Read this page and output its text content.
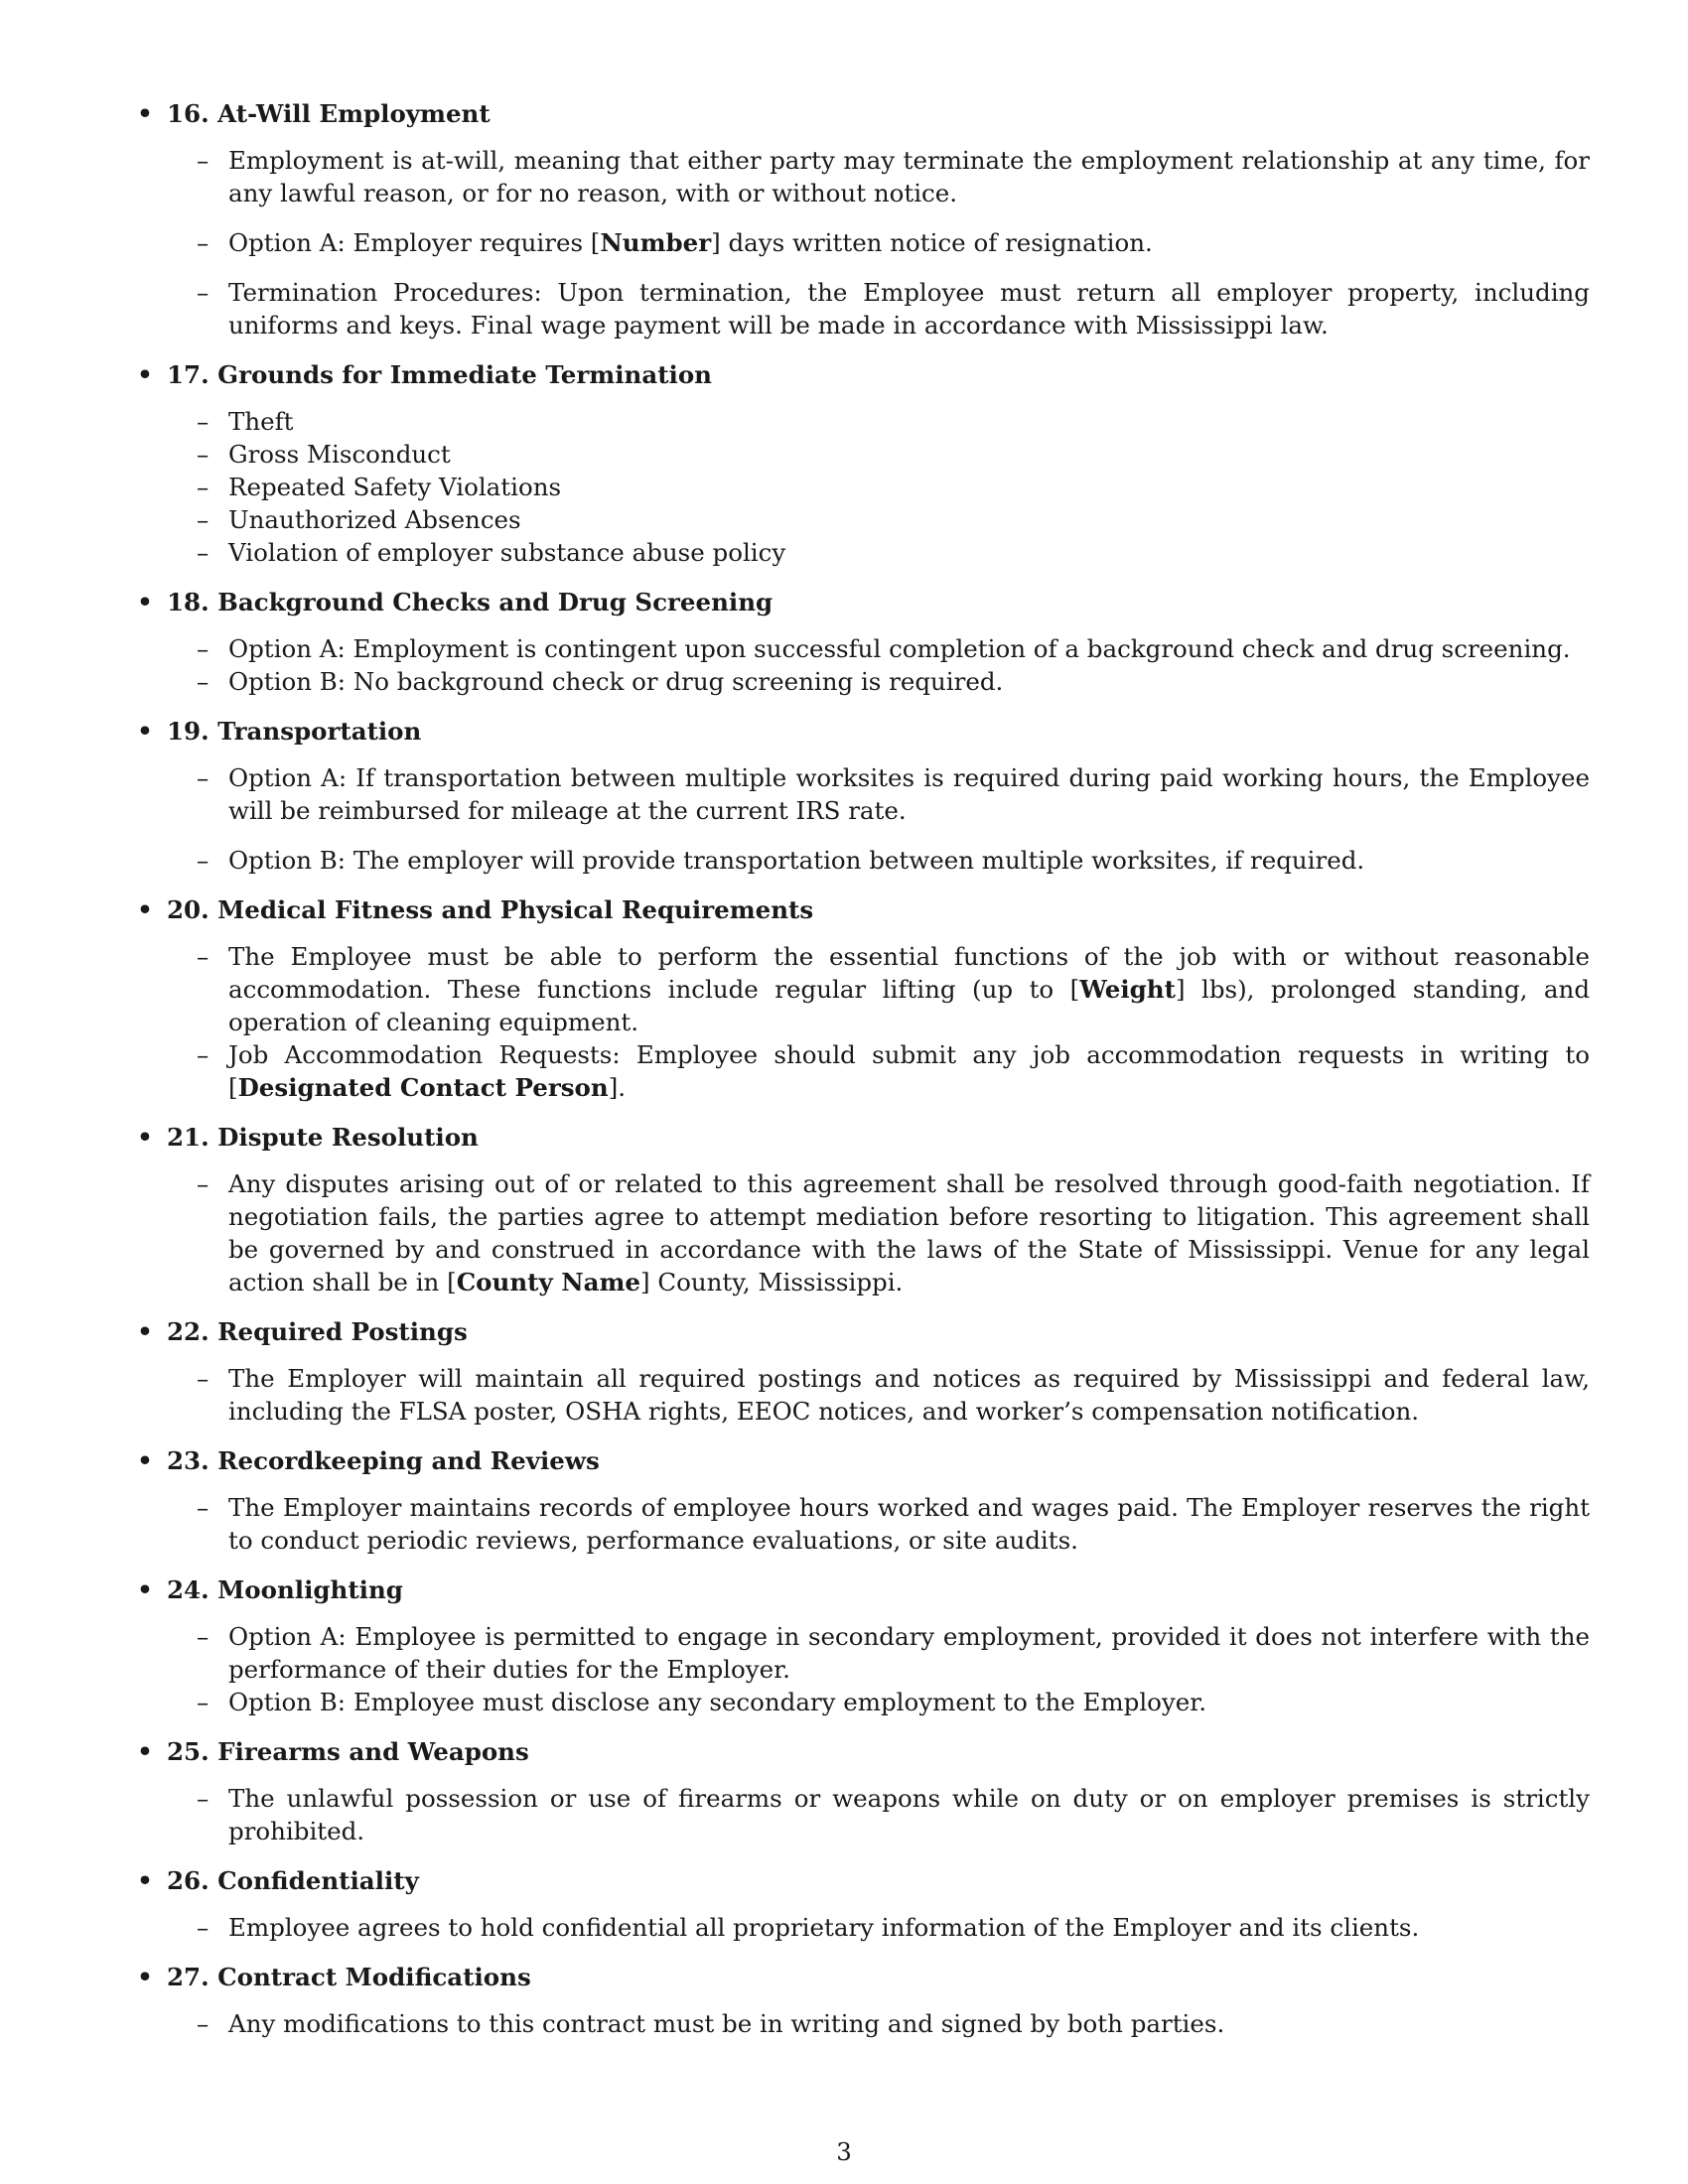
• 16. At-Will Employment
– Employment is at-will, meaning that either party may terminate the employment relationship at any time, for any lawful reason, or for no reason, with or without notice.
– Option A: Employer requires [Number] days written notice of resignation.
– Termination Procedures: Upon termination, the Employee must return all employer property, including uniforms and keys. Final wage payment will be made in accordance with Mississippi law.
• 17. Grounds for Immediate Termination
– Theft
– Gross Misconduct
– Repeated Safety Violations
– Unauthorized Absences
– Violation of employer substance abuse policy
• 18. Background Checks and Drug Screening
– Option A: Employment is contingent upon successful completion of a background check and drug screening.
– Option B: No background check or drug screening is required.
• 19. Transportation
– Option A: If transportation between multiple worksites is required during paid working hours, the Employee will be reimbursed for mileage at the current IRS rate.
– Option B: The employer will provide transportation between multiple worksites, if required.
• 20. Medical Fitness and Physical Requirements
– The Employee must be able to perform the essential functions of the job with or without reasonable accommodation. These functions include regular lifting (up to [Weight] lbs), prolonged standing, and operation of cleaning equipment.
– Job Accommodation Requests: Employee should submit any job accommodation requests in writing to [Designated Contact Person].
• 21. Dispute Resolution
– Any disputes arising out of or related to this agreement shall be resolved through good-faith negotiation. If negotiation fails, the parties agree to attempt mediation before resorting to litigation. This agreement shall be governed by and construed in accordance with the laws of the State of Mississippi. Venue for any legal action shall be in [County Name] County, Mississippi.
• 22. Required Postings
– The Employer will maintain all required postings and notices as required by Mississippi and federal law, including the FLSA poster, OSHA rights, EEOC notices, and worker’s compensation notification.
• 23. Recordkeeping and Reviews
– The Employer maintains records of employee hours worked and wages paid. The Employer reserves the right to conduct periodic reviews, performance evaluations, or site audits.
• 24. Moonlighting
– Option A: Employee is permitted to engage in secondary employment, provided it does not interfere with the performance of their duties for the Employer.
– Option B: Employee must disclose any secondary employment to the Employer.
• 25. Firearms and Weapons
– The unlawful possession or use of firearms or weapons while on duty or on employer premises is strictly prohibited.
• 26. Confidentiality
– Employee agrees to hold confidential all proprietary information of the Employer and its clients.
• 27. Contract Modifications
– Any modifications to this contract must be in writing and signed by both parties.
3
